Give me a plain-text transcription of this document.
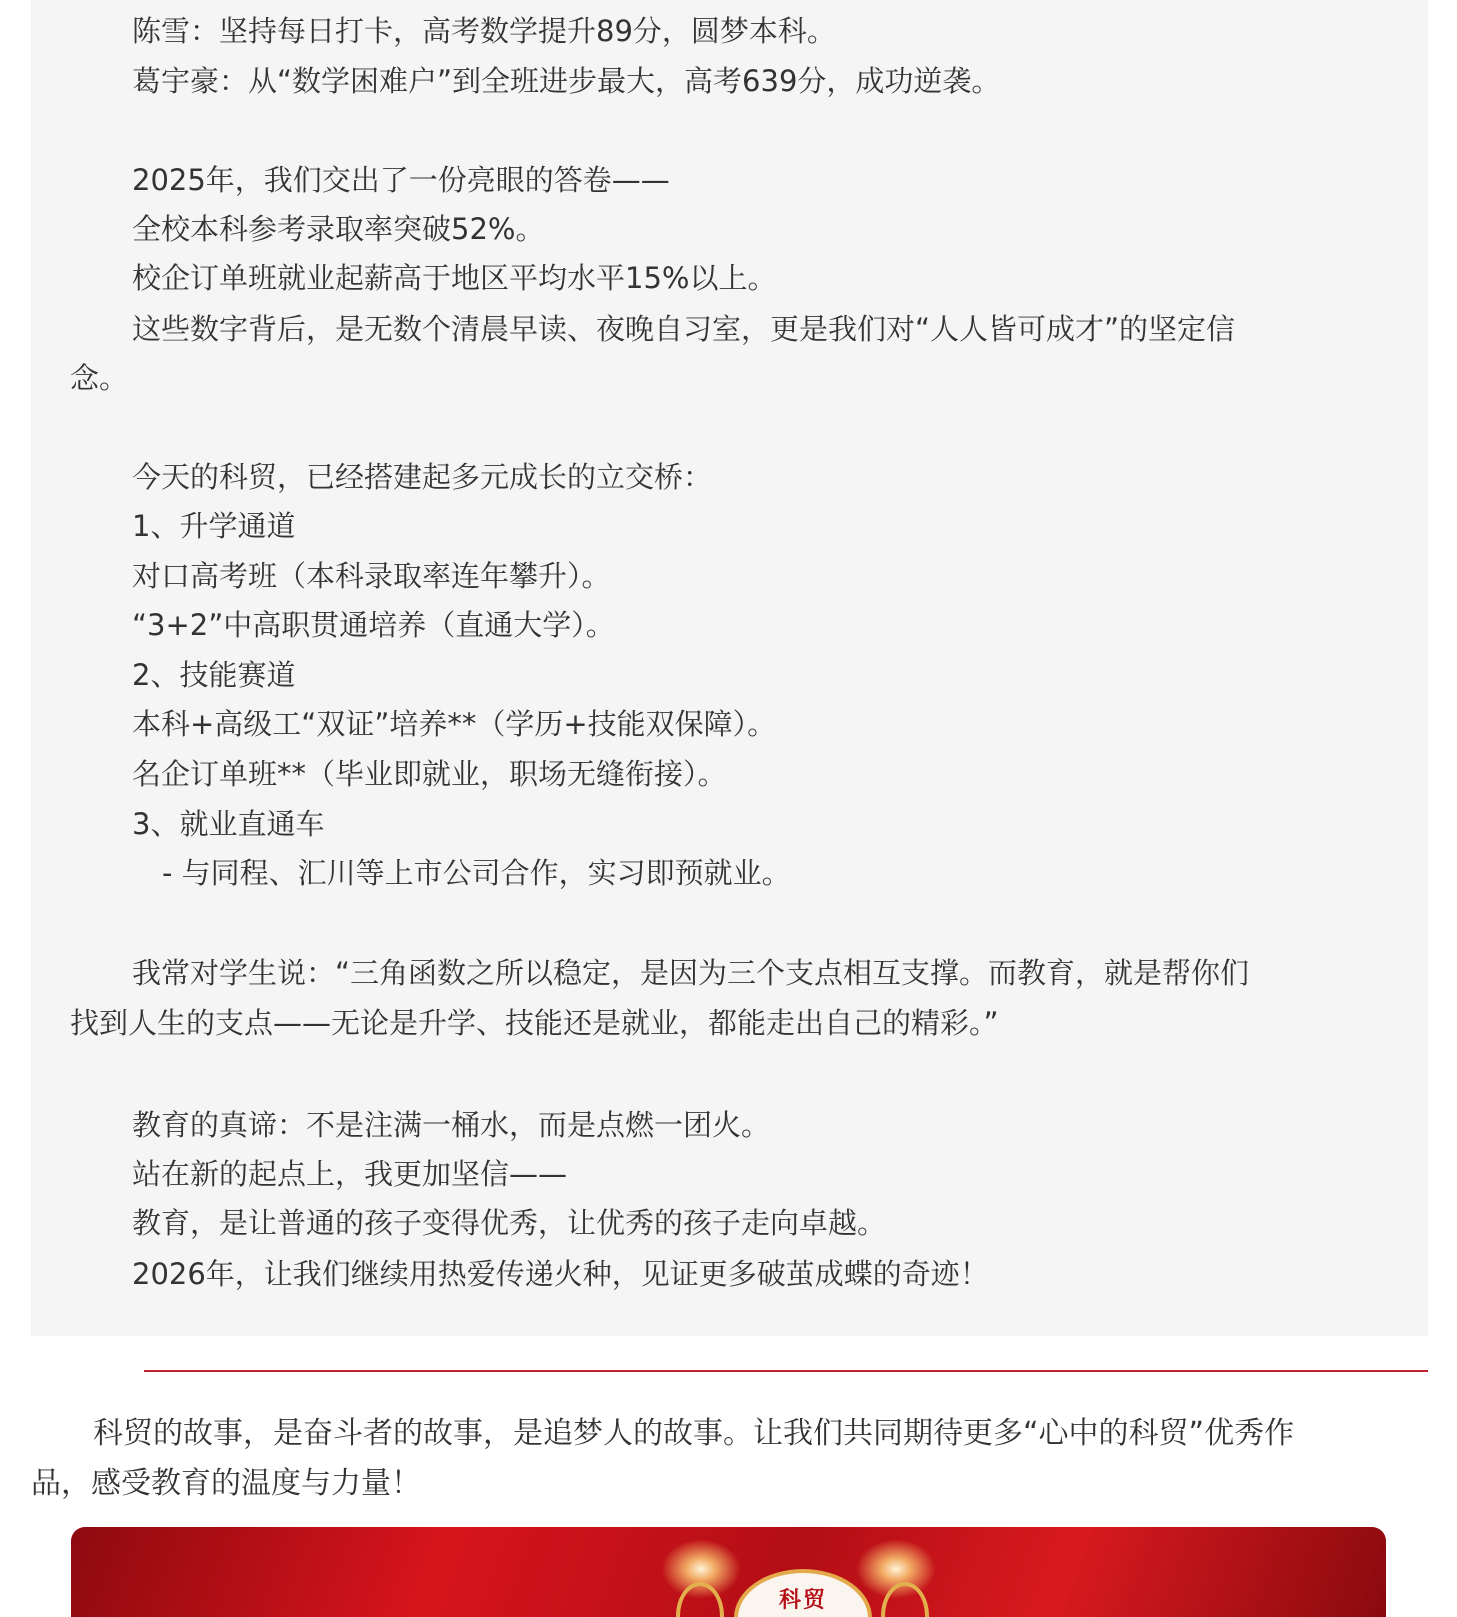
陈雪：坚持每日打卡，高考数学提升89分，圆梦本科。
葛宇豪：从“数学困难户”到全班进步最大，高考639分，成功逆袭。
2025年，我们交出了一份亮眼的答卷——
全校本科参考录取率突破52%。
校企订单班就业起薪高于地区平均水平15%以上。
这些数字背后，是无数个清晨早读、夜晚自习室，更是我们对“人人皆可成才”的坚定信
念。
今天的科贸，已经搭建起多元成长的立交桥：
1、升学通道
对口高考班（本科录取率连年攀升）。
“3+2”中高职贯通培养（直通大学）。
2、技能赛道
本科+高级工“双证”培养**（学历+技能双保障）。
名企订单班**（毕业即就业，职场无缝衔接）。
3、就业直通车
- 与同程、汇川等上市公司合作，实习即预就业。
我常对学生说：“三角函数之所以稳定，是因为三个支点相互支撑。而教育，就是帮你们
找到人生的支点——无论是升学、技能还是就业，都能走出自己的精彩。”
教育的真谛：不是注满一桶水，而是点燃一团火。
站在新的起点上，我更加坚信——
教育，是让普通的孩子变得优秀，让优秀的孩子走向卓越。
2026年，让我们继续用热爱传递火种，见证更多破茧成蝶的奇迹！
科贸的故事，是奋斗者的故事，是追梦人的故事。让我们共同期待更多“心中的科贸”优秀作
品，感受教育的温度与力量！
科贸
